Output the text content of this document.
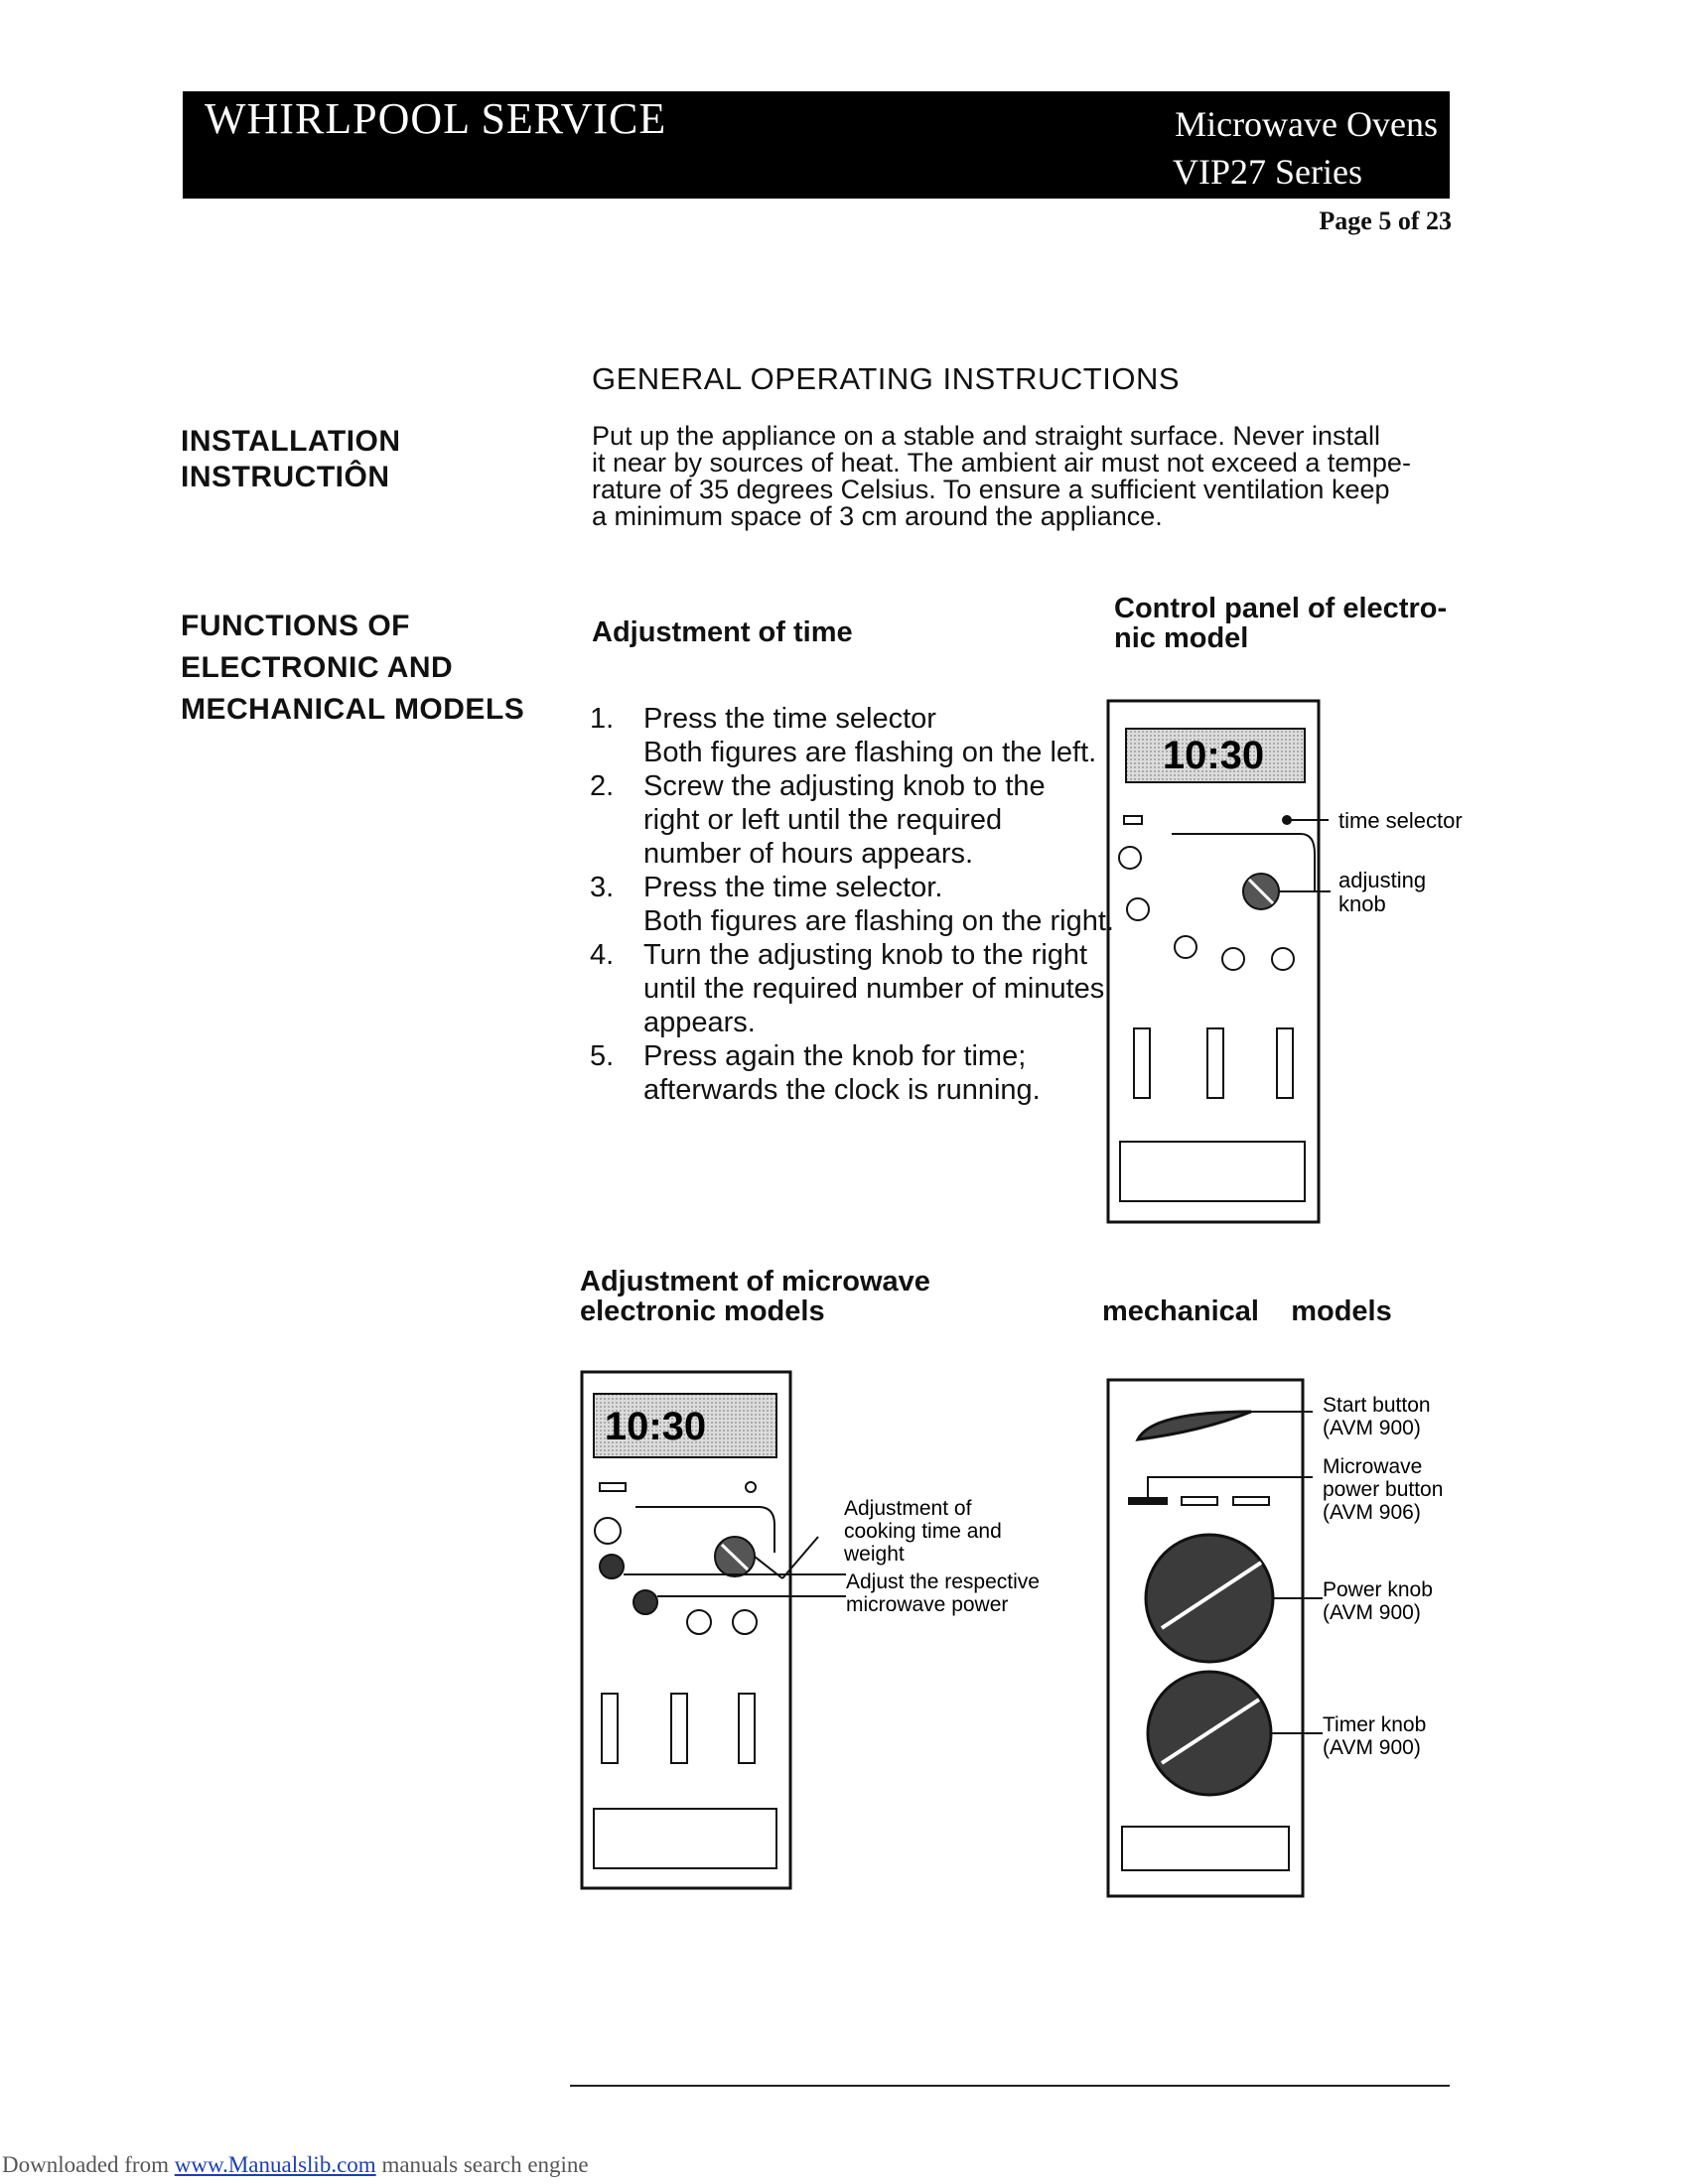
WHIRLPOOL SERVICE	Microwave Ovens
VIP27 Series
Page 5 of 23
GENERAL OPERATING INSTRUCTIONS
INSTALLATION
INSTRUCTIÔN
Put up the appliance on a stable and straight surface. Never install
it near by sources of heat. The ambient air must not exceed a tempe-
rature of 35 degrees Celsius. To ensure a sufficient ventilation keep
a minimum space of 3 cm around the appliance.
FUNCTIONS OF
ELECTRONIC AND
MECHANICAL MODELS
Adjustment of time
Control panel of electro-
nic model
1. Press the time selector
Both figures are flashing on the left.
2. Screw the adjusting knob to the
right or left until the required
number of hours appears.
3. Press the time selector.
Both figures are flashing on the right.
4. Turn the adjusting knob to the right
until the required number of minutes
appears.
5. Press again the knob for time;
afterwards the clock is running.
10:30
time selector
adjusting
knob
Adjustment of microwave
electronic models	mechanical    models
10:30
Adjustment of
cooking time and
weight
Adjust the respective
microwave power
Start button
(AVM 900)
Microwave
power button
(AVM 906)
Power knob
(AVM 900)
Timer knob
(AVM 900)
Downloaded from www.Manualslib.com manuals search engine
